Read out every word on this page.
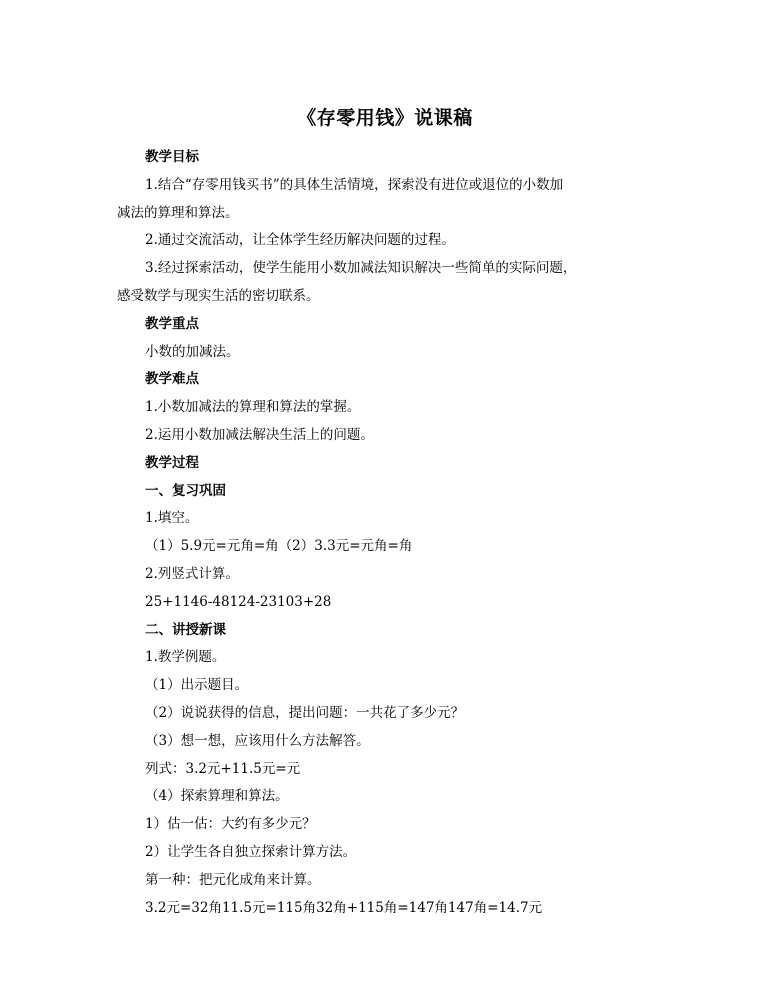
《存零用钱》说课稿
教学目标
1.结合“存零用钱买书”的具体生活情境，探索没有进位或退位的小数加
减法的算理和算法。
2.通过交流活动，让全体学生经历解决问题的过程。
3.经过探索活动，使学生能用小数加减法知识解决一些简单的实际问题，
感受数学与现实生活的密切联系。
教学重点
小数的加减法。
教学难点
1.小数加减法的算理和算法的掌握。
2.运用小数加减法解决生活上的问题。
教学过程
一、复习巩固
1.填空。
（1）5.9元=元角=角（2）3.3元=元角=角
2.列竖式计算。
25+1146-48124-23103+28
二、讲授新课
1.教学例题。
（1）出示题目。
（2）说说获得的信息，提出问题：一共花了多少元？
（3）想一想，应该用什么方法解答。
列式：3.2元+11.5元=元
（4）探索算理和算法。
1）估一估：大约有多少元？
2）让学生各自独立探索计算方法。
第一种：把元化成角来计算。
3.2元=32角11.5元=115角32角+115角=147角147角=14.7元
